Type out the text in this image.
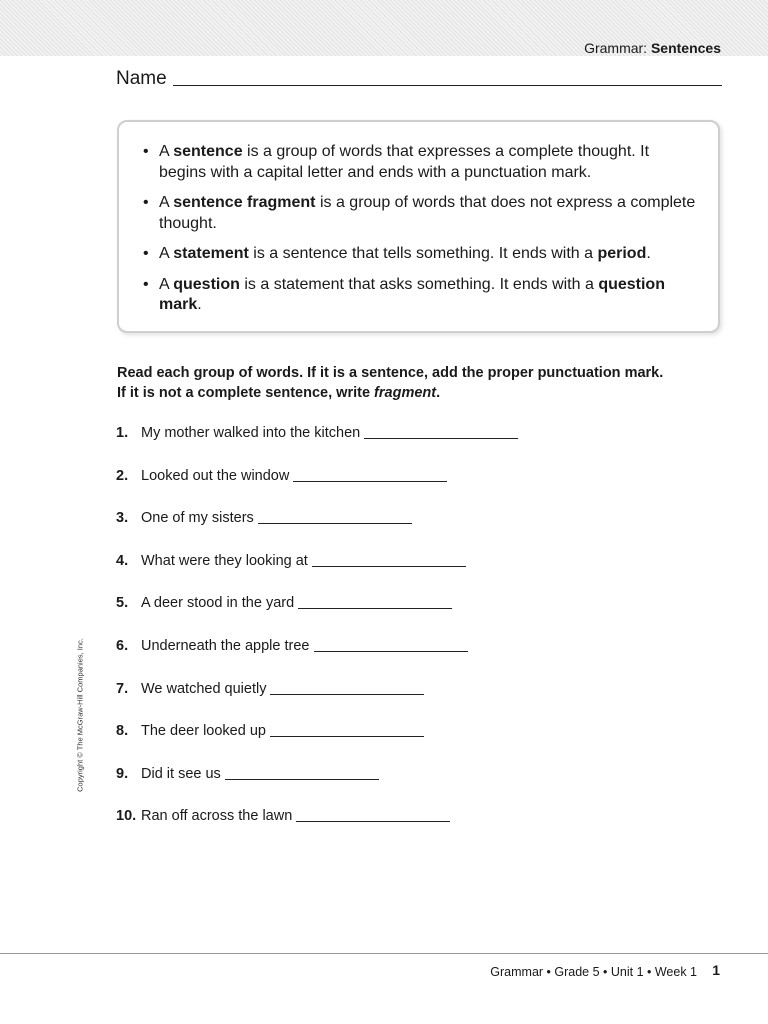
Grammar: Sentences
Name
• A sentence is a group of words that expresses a complete thought. It begins with a capital letter and ends with a punctuation mark.
• A sentence fragment is a group of words that does not express a complete thought.
• A statement is a sentence that tells something. It ends with a period.
• A question is a statement that asks something. It ends with a question mark.
Read each group of words. If it is a sentence, add the proper punctuation mark.
If it is not a complete sentence, write fragment.
1. My mother walked into the kitchen
2. Looked out the window
3. One of my sisters
4. What were they looking at
5. A deer stood in the yard
6. Underneath the apple tree
7. We watched quietly
8. The deer looked up
9. Did it see us
10. Ran off across the lawn
Copyright © The McGraw-Hill Companies, Inc.
Grammar • Grade 5 • Unit 1 • Week 1 1
